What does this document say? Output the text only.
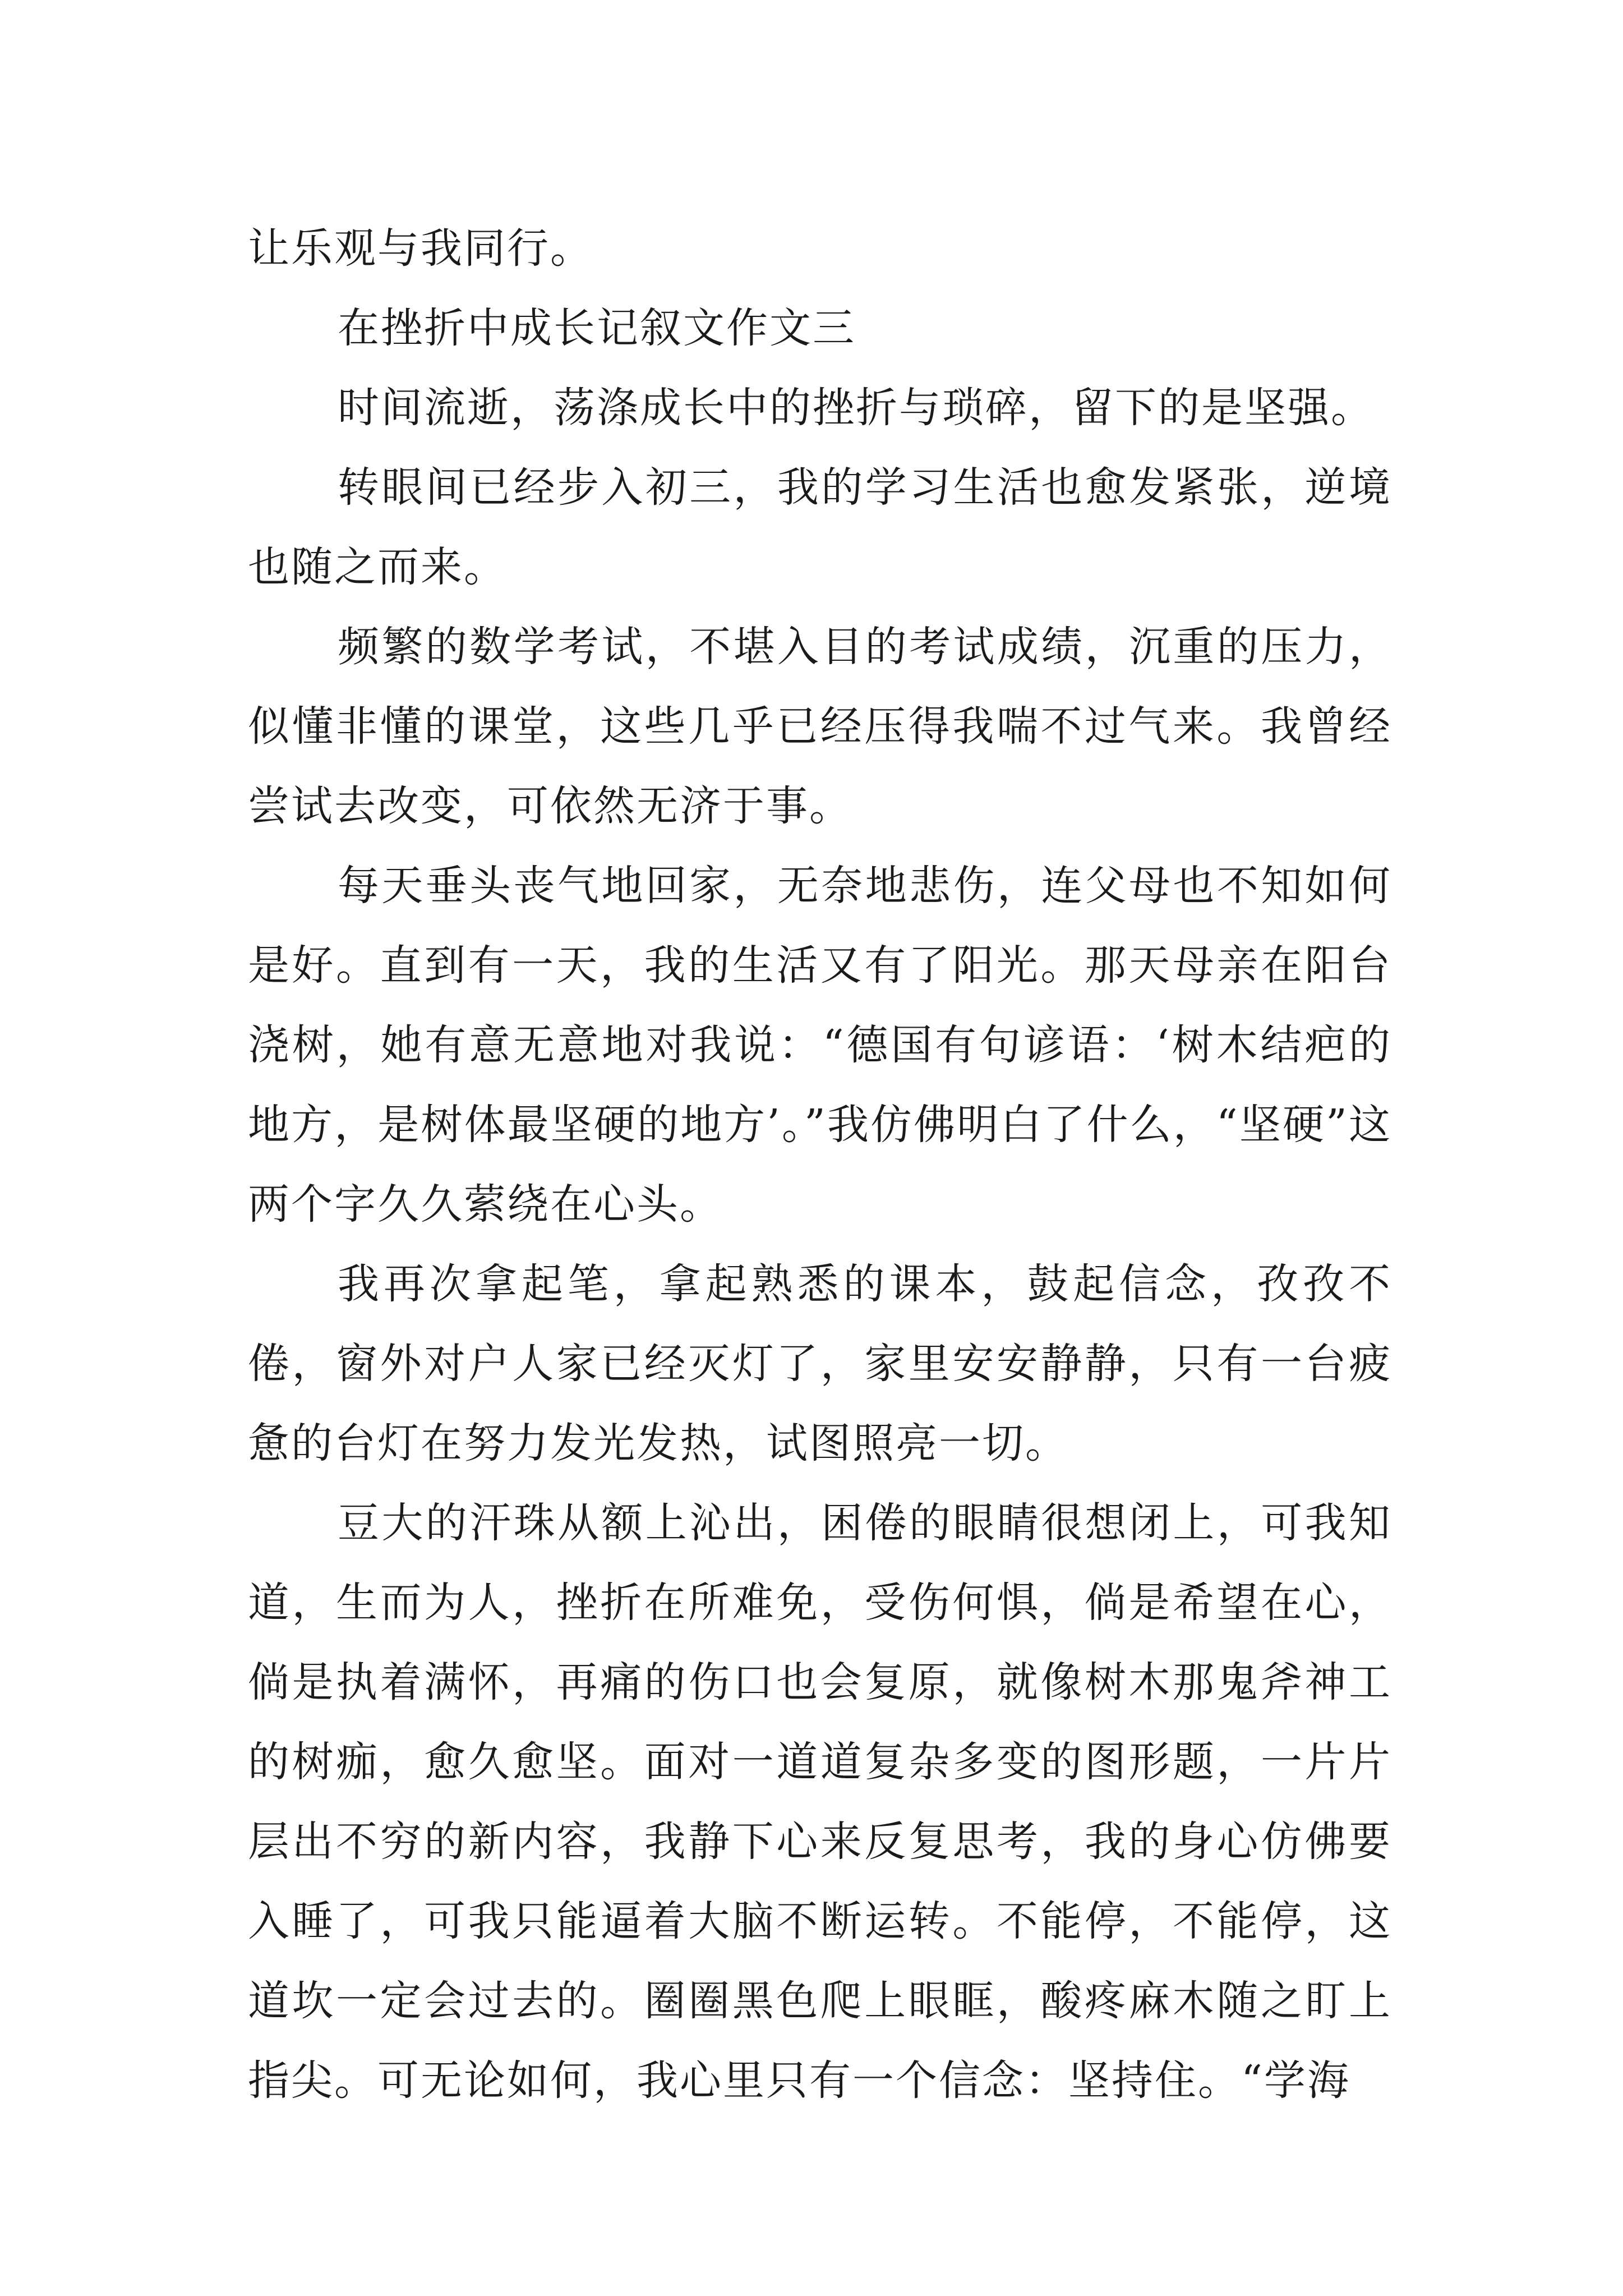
让乐观与我同行。

在挫折中成长记叙文作文三

时间流逝，荡涤成长中的挫折与琐碎，留下的是坚强。

转眼间已经步入初三，我的学习生活也愈发紧张，逆境也随之而来。

频繁的数学考试，不堪入目的考试成绩，沉重的压力，似懂非懂的课堂，这些几乎已经压得我喘不过气来。我曾经尝试去改变，可依然无济于事。

每天垂头丧气地回家，无奈地悲伤，连父母也不知如何是好。直到有一天，我的生活又有了阳光。那天母亲在阳台浇树，她有意无意地对我说：“德国有句谚语：‘树木结疤的地方，是树体最坚硬的地方’。”我仿佛明白了什么，“坚硬”这两个字久久萦绕在心头。

我再次拿起笔，拿起熟悉的课本，鼓起信念，孜孜不倦，窗外对户人家已经灭灯了，家里安安静静，只有一台疲惫的台灯在努力发光发热，试图照亮一切。

豆大的汗珠从额上沁出，困倦的眼睛很想闭上，可我知道，生而为人，挫折在所难免，受伤何惧，倘是希望在心，倘是执着满怀，再痛的伤口也会复原，就像树木那鬼斧神工的树痂，愈久愈坚。面对一道道复杂多变的图形题，一片片层出不穷的新内容，我静下心来反复思考，我的身心仿佛要入睡了，可我只能逼着大脑不断运转。不能停，不能停，这道坎一定会过去的。圈圈黑色爬上眼眶，酸疼麻木随之盯上指尖。可无论如何，我心里只有一个信念：坚持住。“学海
